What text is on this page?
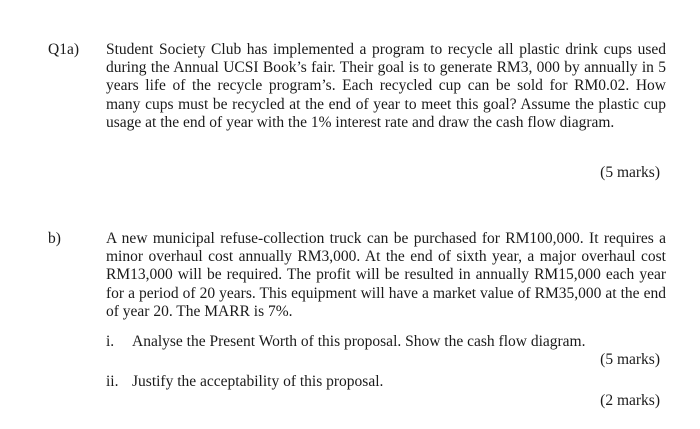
Q1a) Student Society Club has implemented a program to recycle all plastic drink cups used during the Annual UCSI Book’s fair. Their goal is to generate RM3, 000 by annually in 5 years life of the recycle program’s. Each recycled cup can be sold for RM0.02. How many cups must be recycled at the end of year to meet this goal? Assume the plastic cup usage at the end of year with the 1% interest rate and draw the cash flow diagram.
(5 marks)
b)	A new municipal refuse-collection truck can be purchased for RM100,000. It requires a minor overhaul cost annually RM3,000. At the end of sixth year, a major overhaul cost RM13,000 will be required. The profit will be resulted in annually RM15,000 each year for a period of 20 years. This equipment will have a market value of RM35,000 at the end of year 20. The MARR is 7%.
i. Analyse the Present Worth of this proposal. Show the cash flow diagram.
(5 marks)
ii. Justify the acceptability of this proposal.
(2 marks)
